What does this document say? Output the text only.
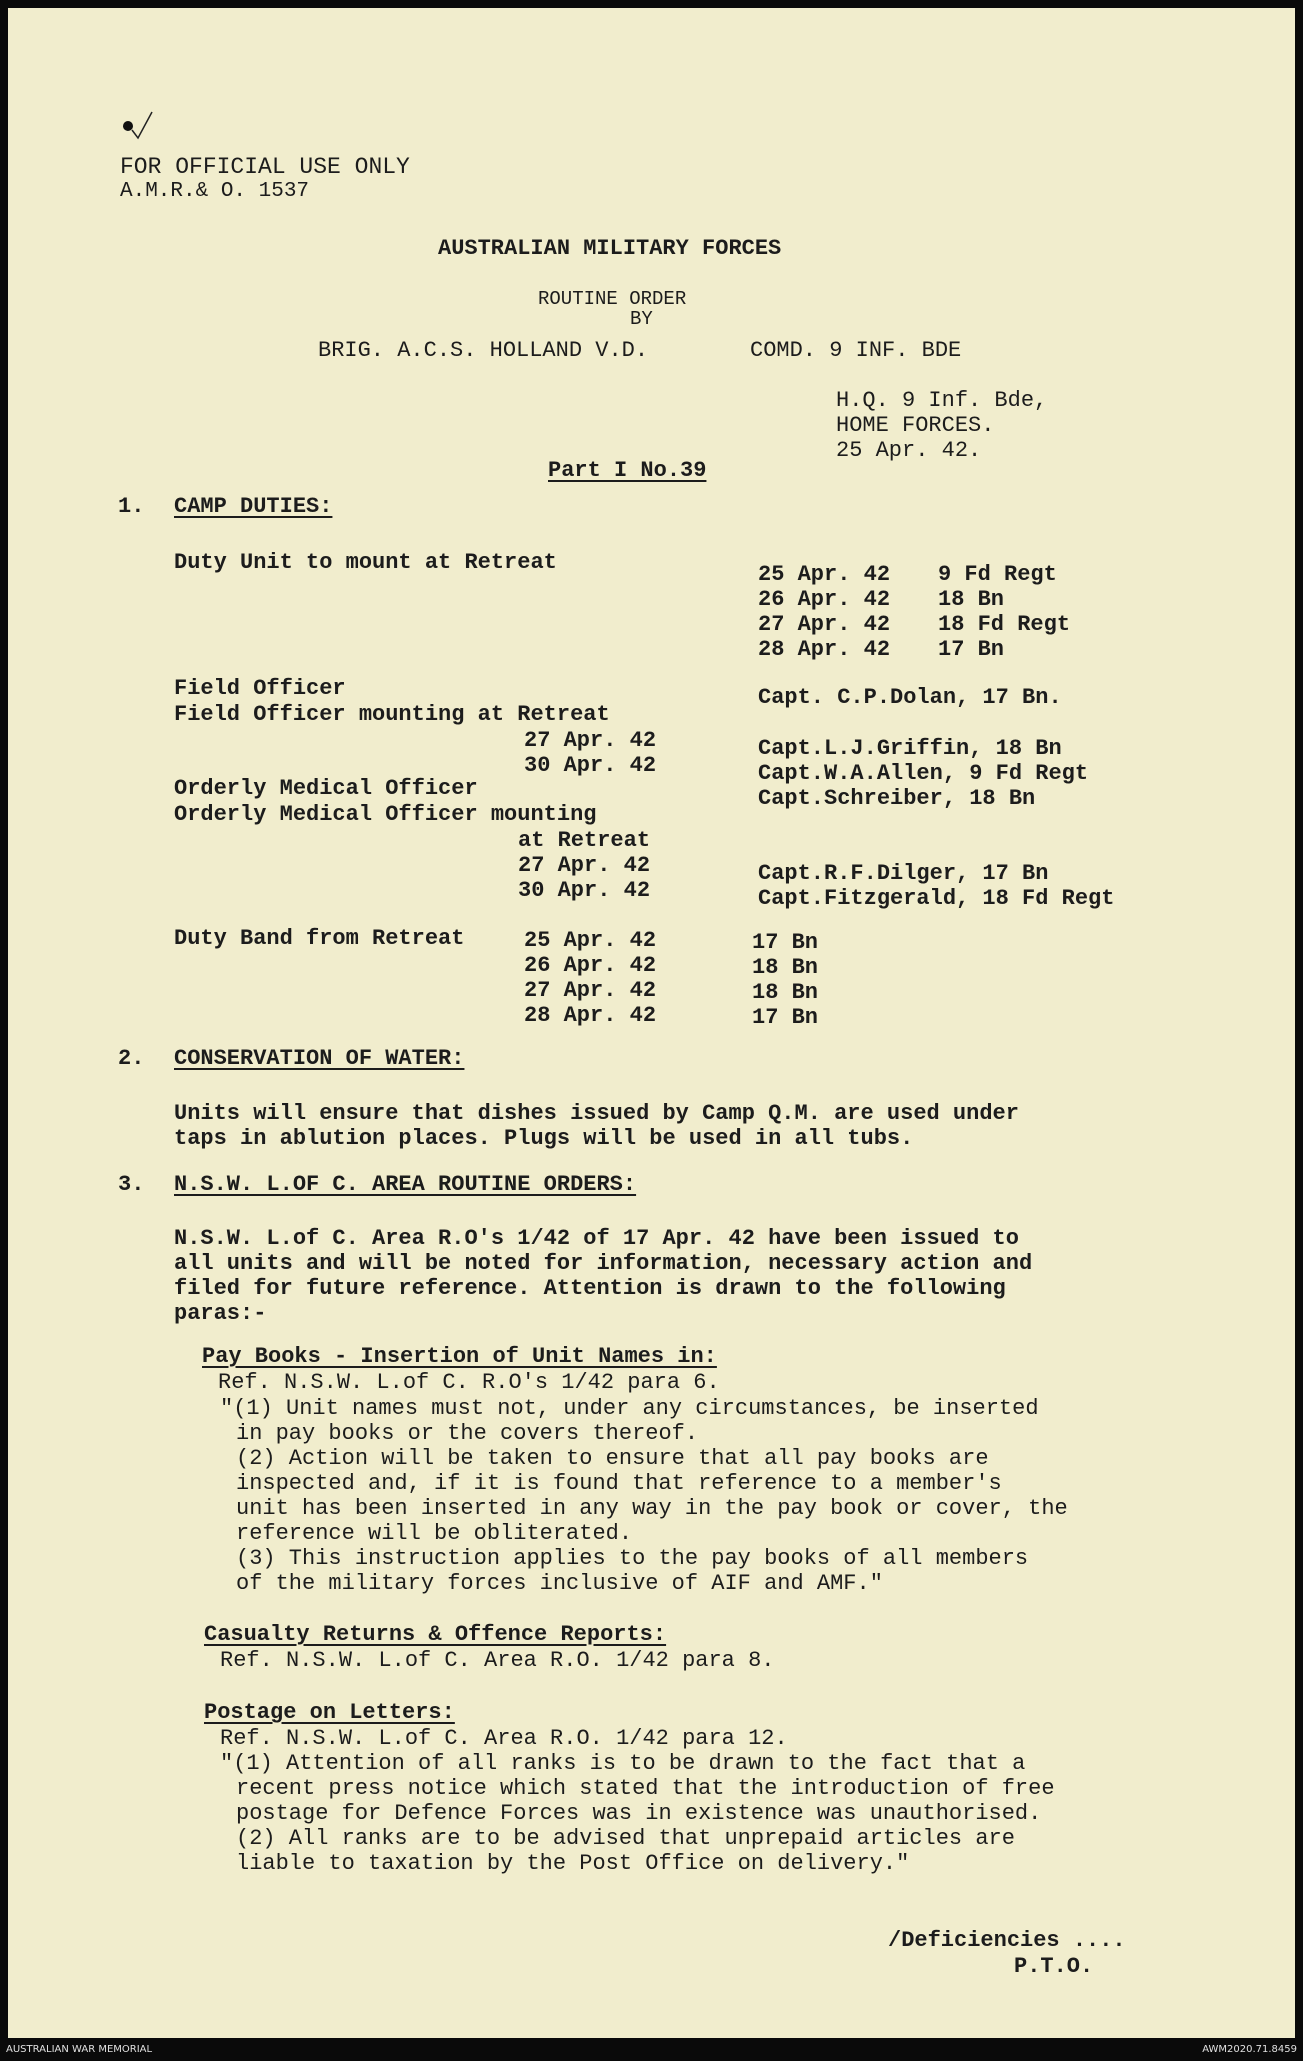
FOR OFFICIAL USE ONLY
A.M.R.& O. 1537
AUSTRALIAN MILITARY FORCES
ROUTINE ORDER
BY
BRIG. A.C.S. HOLLAND V.D.	COMD. 9 INF. BDE
H.Q. 9 Inf. Bde,
HOME FORCES.
25 Apr. 42.
Part I No.39
1. CAMP DUTIES:
Duty Unit to mount at Retreat	25 Apr. 42 9 Fd Regt
26 Apr. 42 18 Bn
27 Apr. 42 18 Fd Regt
28 Apr. 42 17 Bn
Field Officer	Capt. C.P.Dolan, 17 Bn.
Field Officer mounting at Retreat
27 Apr. 42	Capt.L.J.Griffin, 18 Bn
30 Apr. 42	Capt.W.A.Allen, 9 Fd Regt
Orderly Medical Officer	Capt.Schreiber, 18 Bn
Orderly Medical Officer mounting
at Retreat
27 Apr. 42	Capt.R.F.Dilger, 17 Bn
30 Apr. 42	Capt.Fitzgerald, 18 Fd Regt
Duty Band from Retreat	25 Apr. 42	17 Bn
26 Apr. 42	18 Bn
27 Apr. 42	18 Bn
28 Apr. 42	17 Bn
2. CONSERVATION OF WATER:
Units will ensure that dishes issued by Camp Q.M. are used under
taps in ablution places. Plugs will be used in all tubs.
3. N.S.W. L.OF C. AREA ROUTINE ORDERS:
N.S.W. L.of C. Area R.O's 1/42 of 17 Apr. 42 have been issued to
all units and will be noted for information, necessary action and
filed for future reference. Attention is drawn to the following
paras:-
Pay Books - Insertion of Unit Names in:
Ref. N.S.W. L.of C. R.O's 1/42 para 6.
"(1) Unit names must not, under any circumstances, be inserted
in pay books or the covers thereof.
(2) Action will be taken to ensure that all pay books are
inspected and, if it is found that reference to a member's
unit has been inserted in any way in the pay book or cover, the
reference will be obliterated.
(3) This instruction applies to the pay books of all members
of the military forces inclusive of AIF and AMF."
Casualty Returns & Offence Reports:
Ref. N.S.W. L.of C. Area R.O. 1/42 para 8.
Postage on Letters:
Ref. N.S.W. L.of C. Area R.O. 1/42 para 12.
"(1) Attention of all ranks is to be drawn to the fact that a
recent press notice which stated that the introduction of free
postage for Defence Forces was in existence was unauthorised.
(2) All ranks are to be advised that unprepaid articles are
liable to taxation by the Post Office on delivery."
/Deficiencies ....
P.T.O.
AUSTRALIAN WAR MEMORIAL	AWM2020.71.8459
